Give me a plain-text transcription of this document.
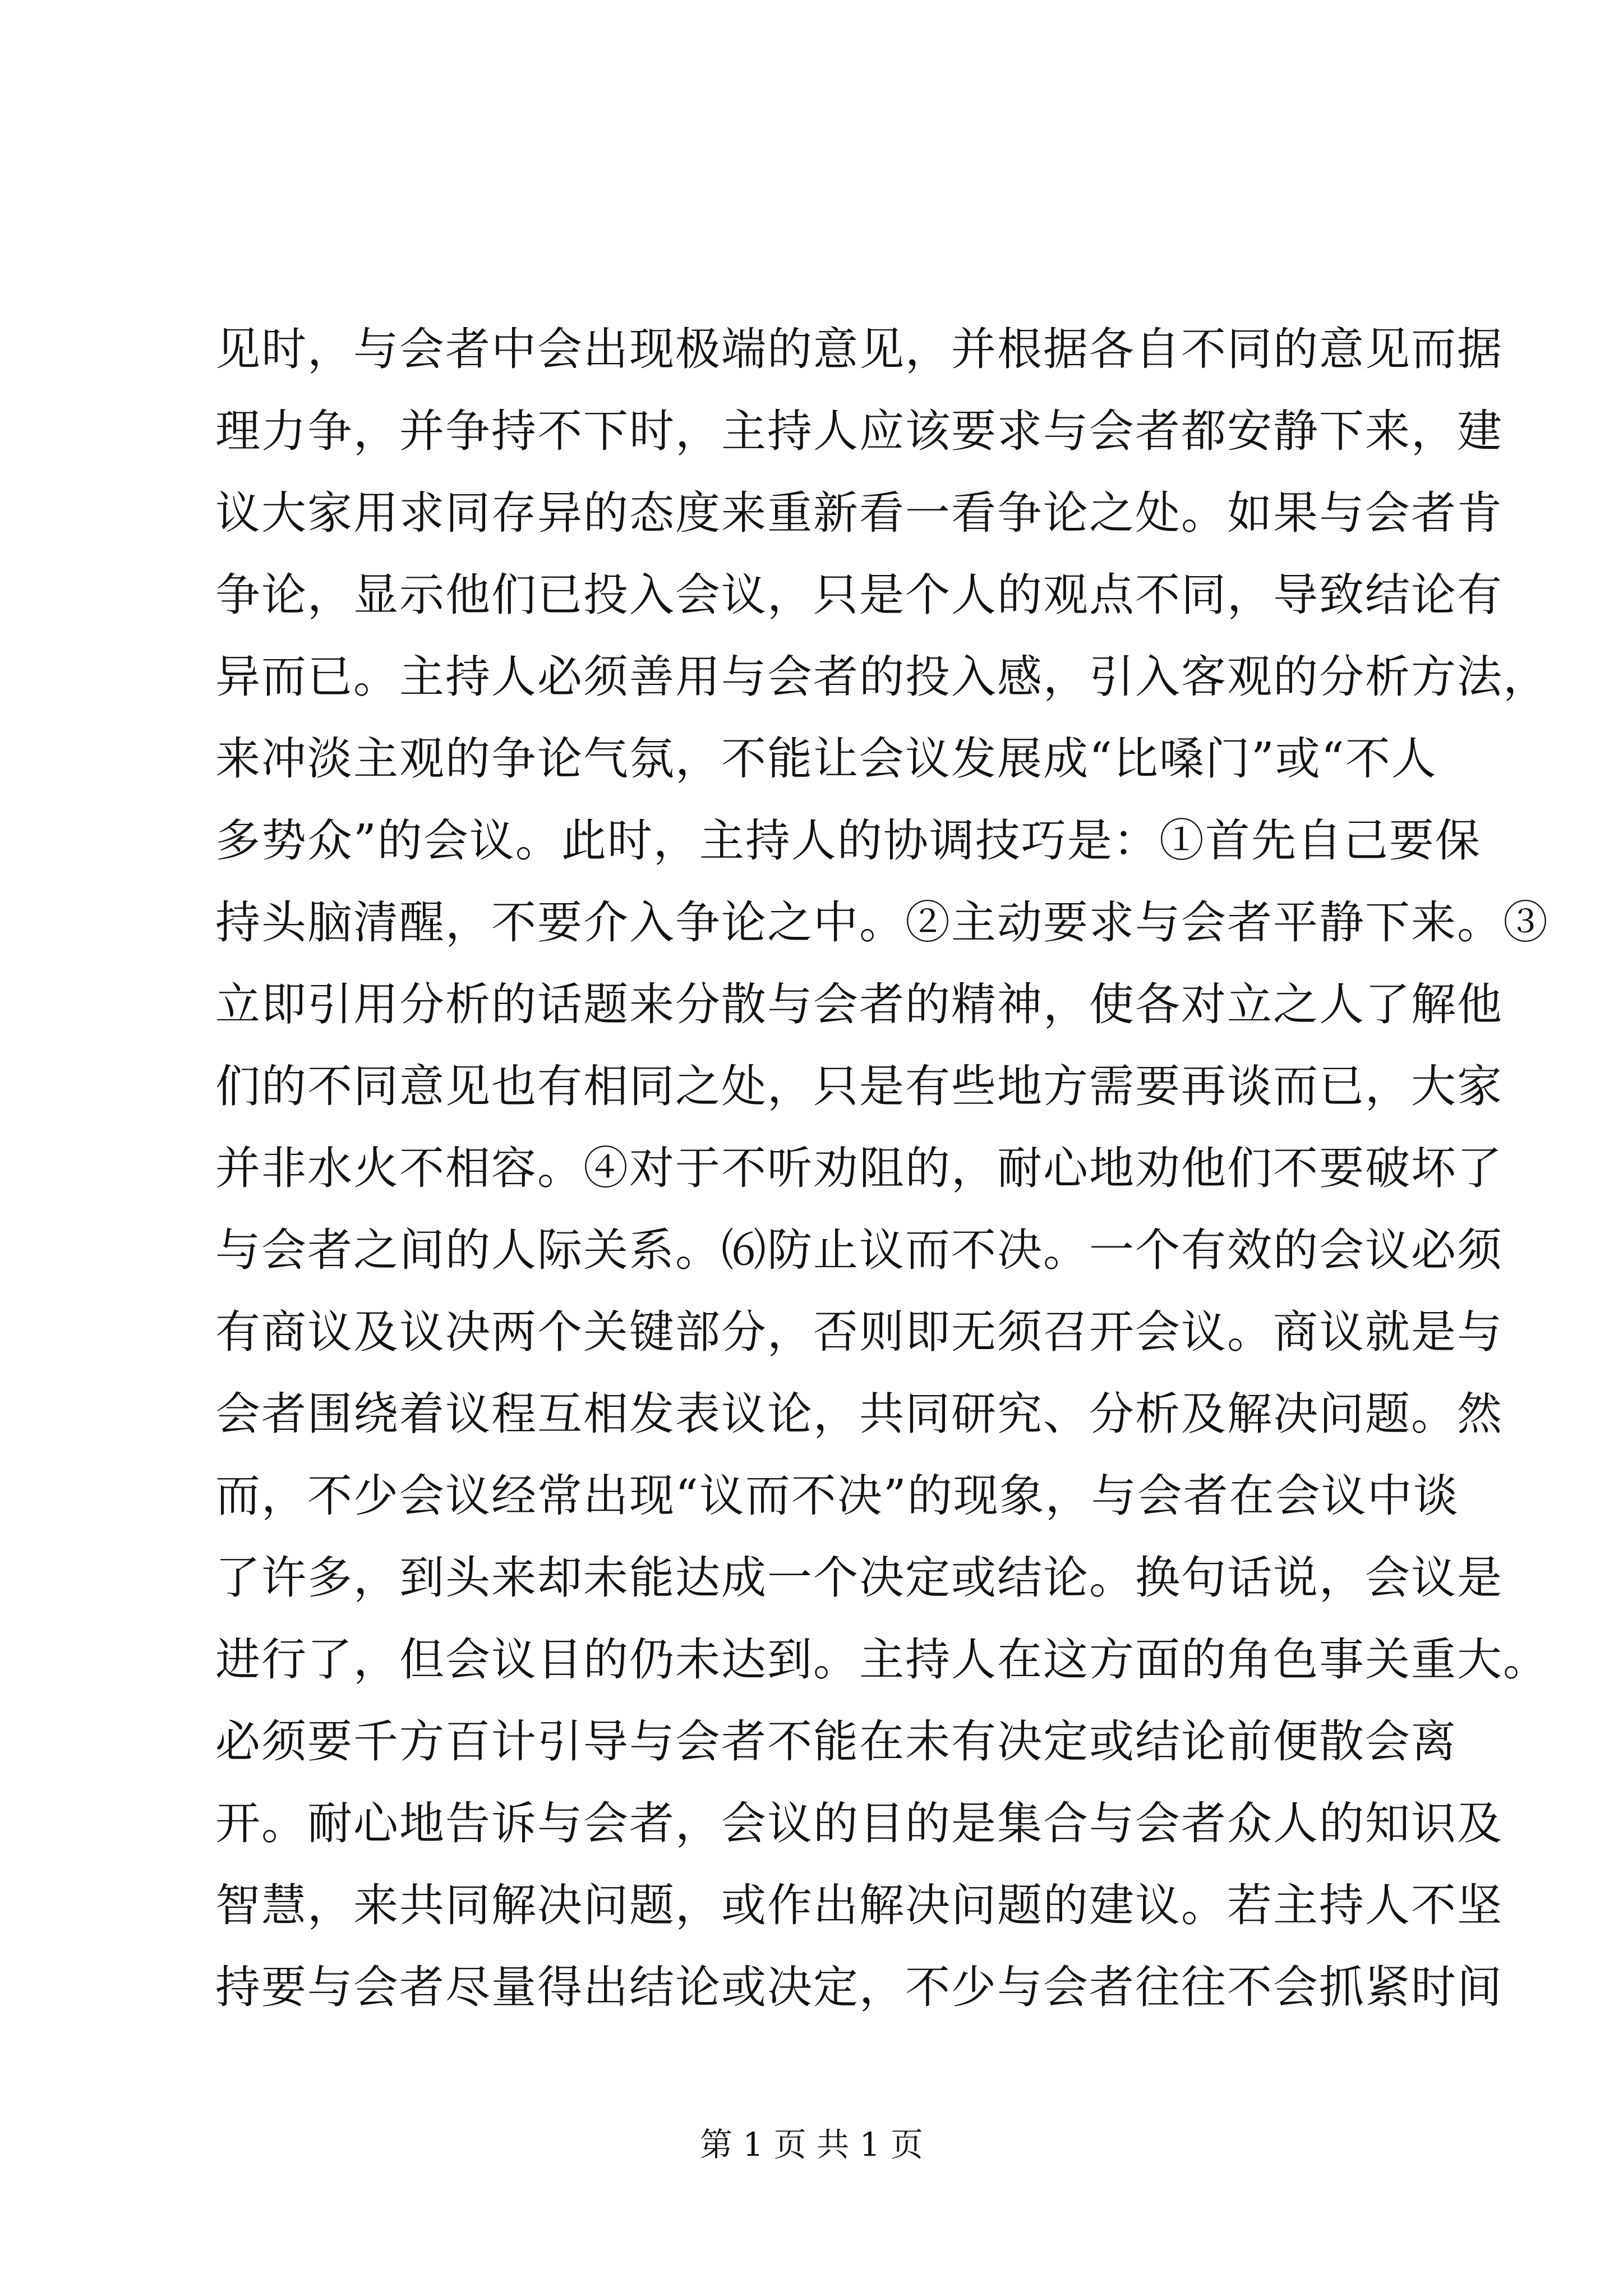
见时，与会者中会出现极端的意见，并根据各自不同的意见而据
理力争，并争持不下时，主持人应该要求与会者都安静下来，建
议大家用求同存异的态度来重新看一看争论之处。如果与会者肯
争论，显示他们已投入会议，只是个人的观点不同，导致结论有
异而已。主持人必须善用与会者的投入感，引入客观的分析方法，
来冲淡主观的争论气氛，不能让会议发展成“比嗓门”或“不人
多势众”的会议。此时，主持人的协调技巧是：①首先自己要保
持头脑清醒，不要介入争论之中。②主动要求与会者平静下来。③
立即引用分析的话题来分散与会者的精神，使各对立之人了解他
们的不同意见也有相同之处，只是有些地方需要再谈而已，大家
并非水火不相容。④对于不听劝阻的，耐心地劝他们不要破坏了
与会者之间的人际关系。⑹防止议而不决。一个有效的会议必须
有商议及议决两个关键部分，否则即无须召开会议。商议就是与
会者围绕着议程互相发表议论，共同研究、分析及解决问题。然
而，不少会议经常出现“议而不决”的现象，与会者在会议中谈
了许多，到头来却未能达成一个决定或结论。换句话说，会议是
进行了，但会议目的仍未达到。主持人在这方面的角色事关重大。
必须要千方百计引导与会者不能在未有决定或结论前便散会离
开。耐心地告诉与会者，会议的目的是集合与会者众人的知识及
智慧，来共同解决问题，或作出解决问题的建议。若主持人不坚
持要与会者尽量得出结论或决定，不少与会者往往不会抓紧时间
第 1 页 共 1 页
